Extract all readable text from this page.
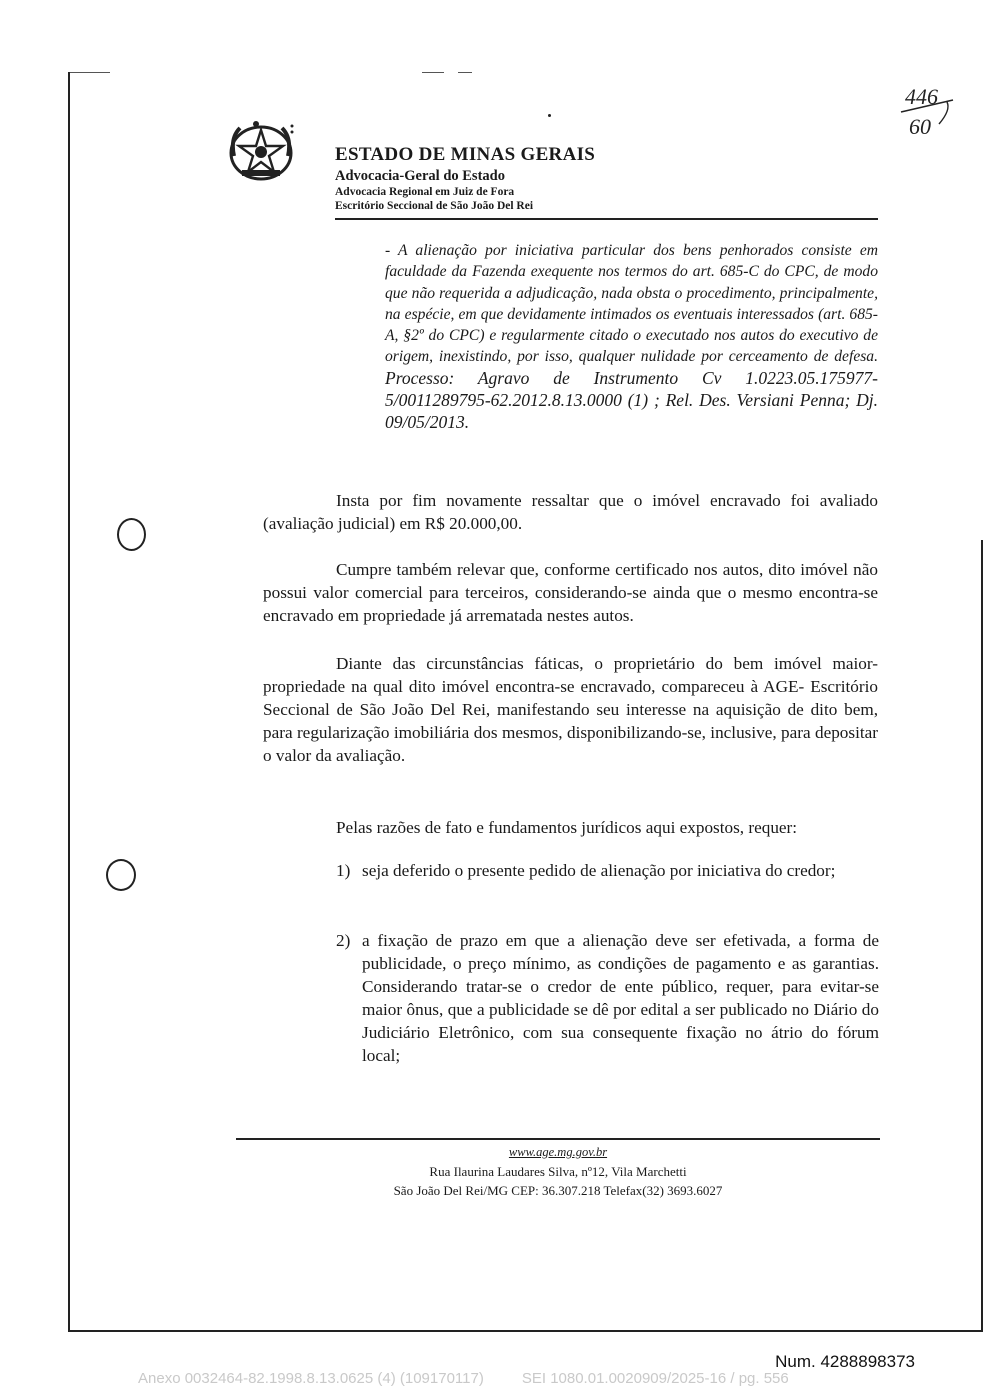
446
60
ESTADO DE MINAS GERAIS
Advocacia-Geral do Estado
Advocacia Regional em Juiz de Fora
Escritório Seccional de São João Del Rei
- A alienação por iniciativa particular dos bens penhorados consiste em faculdade da Fazenda exequente nos termos do art. 685-C do CPC, de modo que não requerida a adjudicação, nada obsta o procedimento, principalmente, na espécie, em que devidamente intimados os eventuais interessados (art. 685-A, §2º do CPC) e regularmente citado o executado nos autos do executivo de origem, inexistindo, por isso, qualquer nulidade por cerceamento de defesa. Processo: Agravo de Instrumento Cv 1.0223.05.175977-5/0011289795-62.2012.8.13.0000 (1) ; Rel. Des. Versiani Penna; Dj. 09/05/2013.
Insta por fim novamente ressaltar que o imóvel encravado foi avaliado (avaliação judicial) em R$ 20.000,00.
Cumpre também relevar que, conforme certificado nos autos, dito imóvel não possui valor comercial para terceiros, considerando-se ainda que o mesmo encontra-se encravado em propriedade já arrematada nestes autos.
Diante das circunstâncias fáticas, o proprietário do bem imóvel maior- propriedade na qual dito imóvel encontra-se encravado, compareceu à AGE- Escritório Seccional de São João Del Rei, manifestando seu interesse na aquisição de dito bem, para regularização imobiliária dos mesmos, disponibilizando-se, inclusive, para depositar o valor da avaliação.
Pelas razões de fato e fundamentos jurídicos aqui expostos, requer:
1) seja deferido o presente pedido de alienação por iniciativa do credor;
2) a fixação de prazo em que a alienação deve ser efetivada, a forma de publicidade, o preço mínimo, as condições de pagamento e as garantias. Considerando tratar-se o credor de ente público, requer, para evitar-se maior ônus, que a publicidade se dê por edital a ser publicado no Diário do Judiciário Eletrônico, com sua consequente fixação no átrio do fórum local;
www.age.mg.gov.br
Rua Ilaurina Laudares Silva, nº12, Vila Marchetti
São João Del Rei/MG CEP: 36.307.218 Telefax(32) 3693.6027
Num. 4288898373
Anexo 0032464-82.1998.8.13.0625 (4) (109170117)	SEI 1080.01.0020909/2025-16 / pg. 556
